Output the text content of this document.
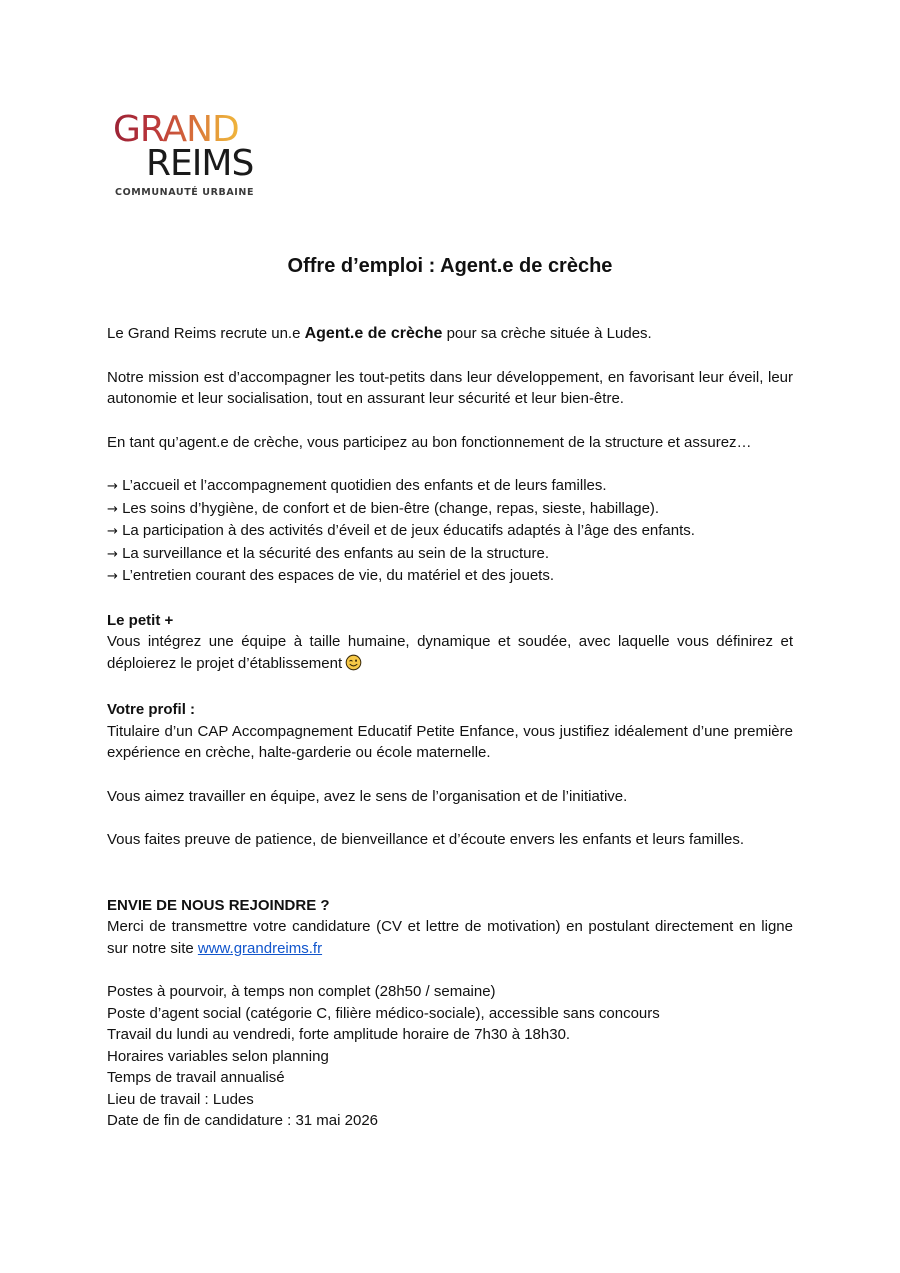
GRAND
REIMS
COMMUNAUTÉ URBAINE
Offre d’emploi : Agent.e de crèche

Le Grand Reims recrute un.e Agent.e de crèche pour sa crèche située à Ludes.

Notre mission est d’accompagner les tout-petits dans leur développement, en favorisant leur éveil, leur autonomie et leur socialisation, tout en assurant leur sécurité et leur bien-être.

En tant qu’agent.e de crèche, vous participez au bon fonctionnement de la structure et assurez…

→ L’accueil et l’accompagnement quotidien des enfants et de leurs familles.

→ Les soins d’hygiène, de confort et de bien-être (change, repas, sieste, habillage).

→ La participation à des activités d’éveil et de jeux éducatifs adaptés à l’âge des enfants.

→ La surveillance et la sécurité des enfants au sein de la structure.

→ L’entretien courant des espaces de vie, du matériel et des jouets.

Le petit +

Vous intégrez une équipe à taille humaine, dynamique et soudée, avec laquelle vous définirez et déploierez le projet d’établissement

Votre profil :

Titulaire d’un CAP Accompagnement Educatif Petite Enfance, vous justifiez idéalement d’une première expérience en crèche, halte-garderie ou école maternelle.

Vous aimez travailler en équipe, avez le sens de l’organisation et de l’initiative.

Vous faites preuve de patience, de bienveillance et d’écoute envers les enfants et leurs familles.

ENVIE DE NOUS REJOINDRE ?

Merci de transmettre votre candidature (CV et lettre de motivation) en postulant directement en ligne sur notre site www.grandreims.fr

Postes à pourvoir, à temps non complet (28h50 / semaine)

Poste d’agent social (catégorie C, filière médico-sociale), accessible sans concours

Travail du lundi au vendredi, forte amplitude horaire de 7h30 à 18h30.

Horaires variables selon planning

Temps de travail annualisé

Lieu de travail : Ludes

Date de fin de candidature : 31 mai 2026
